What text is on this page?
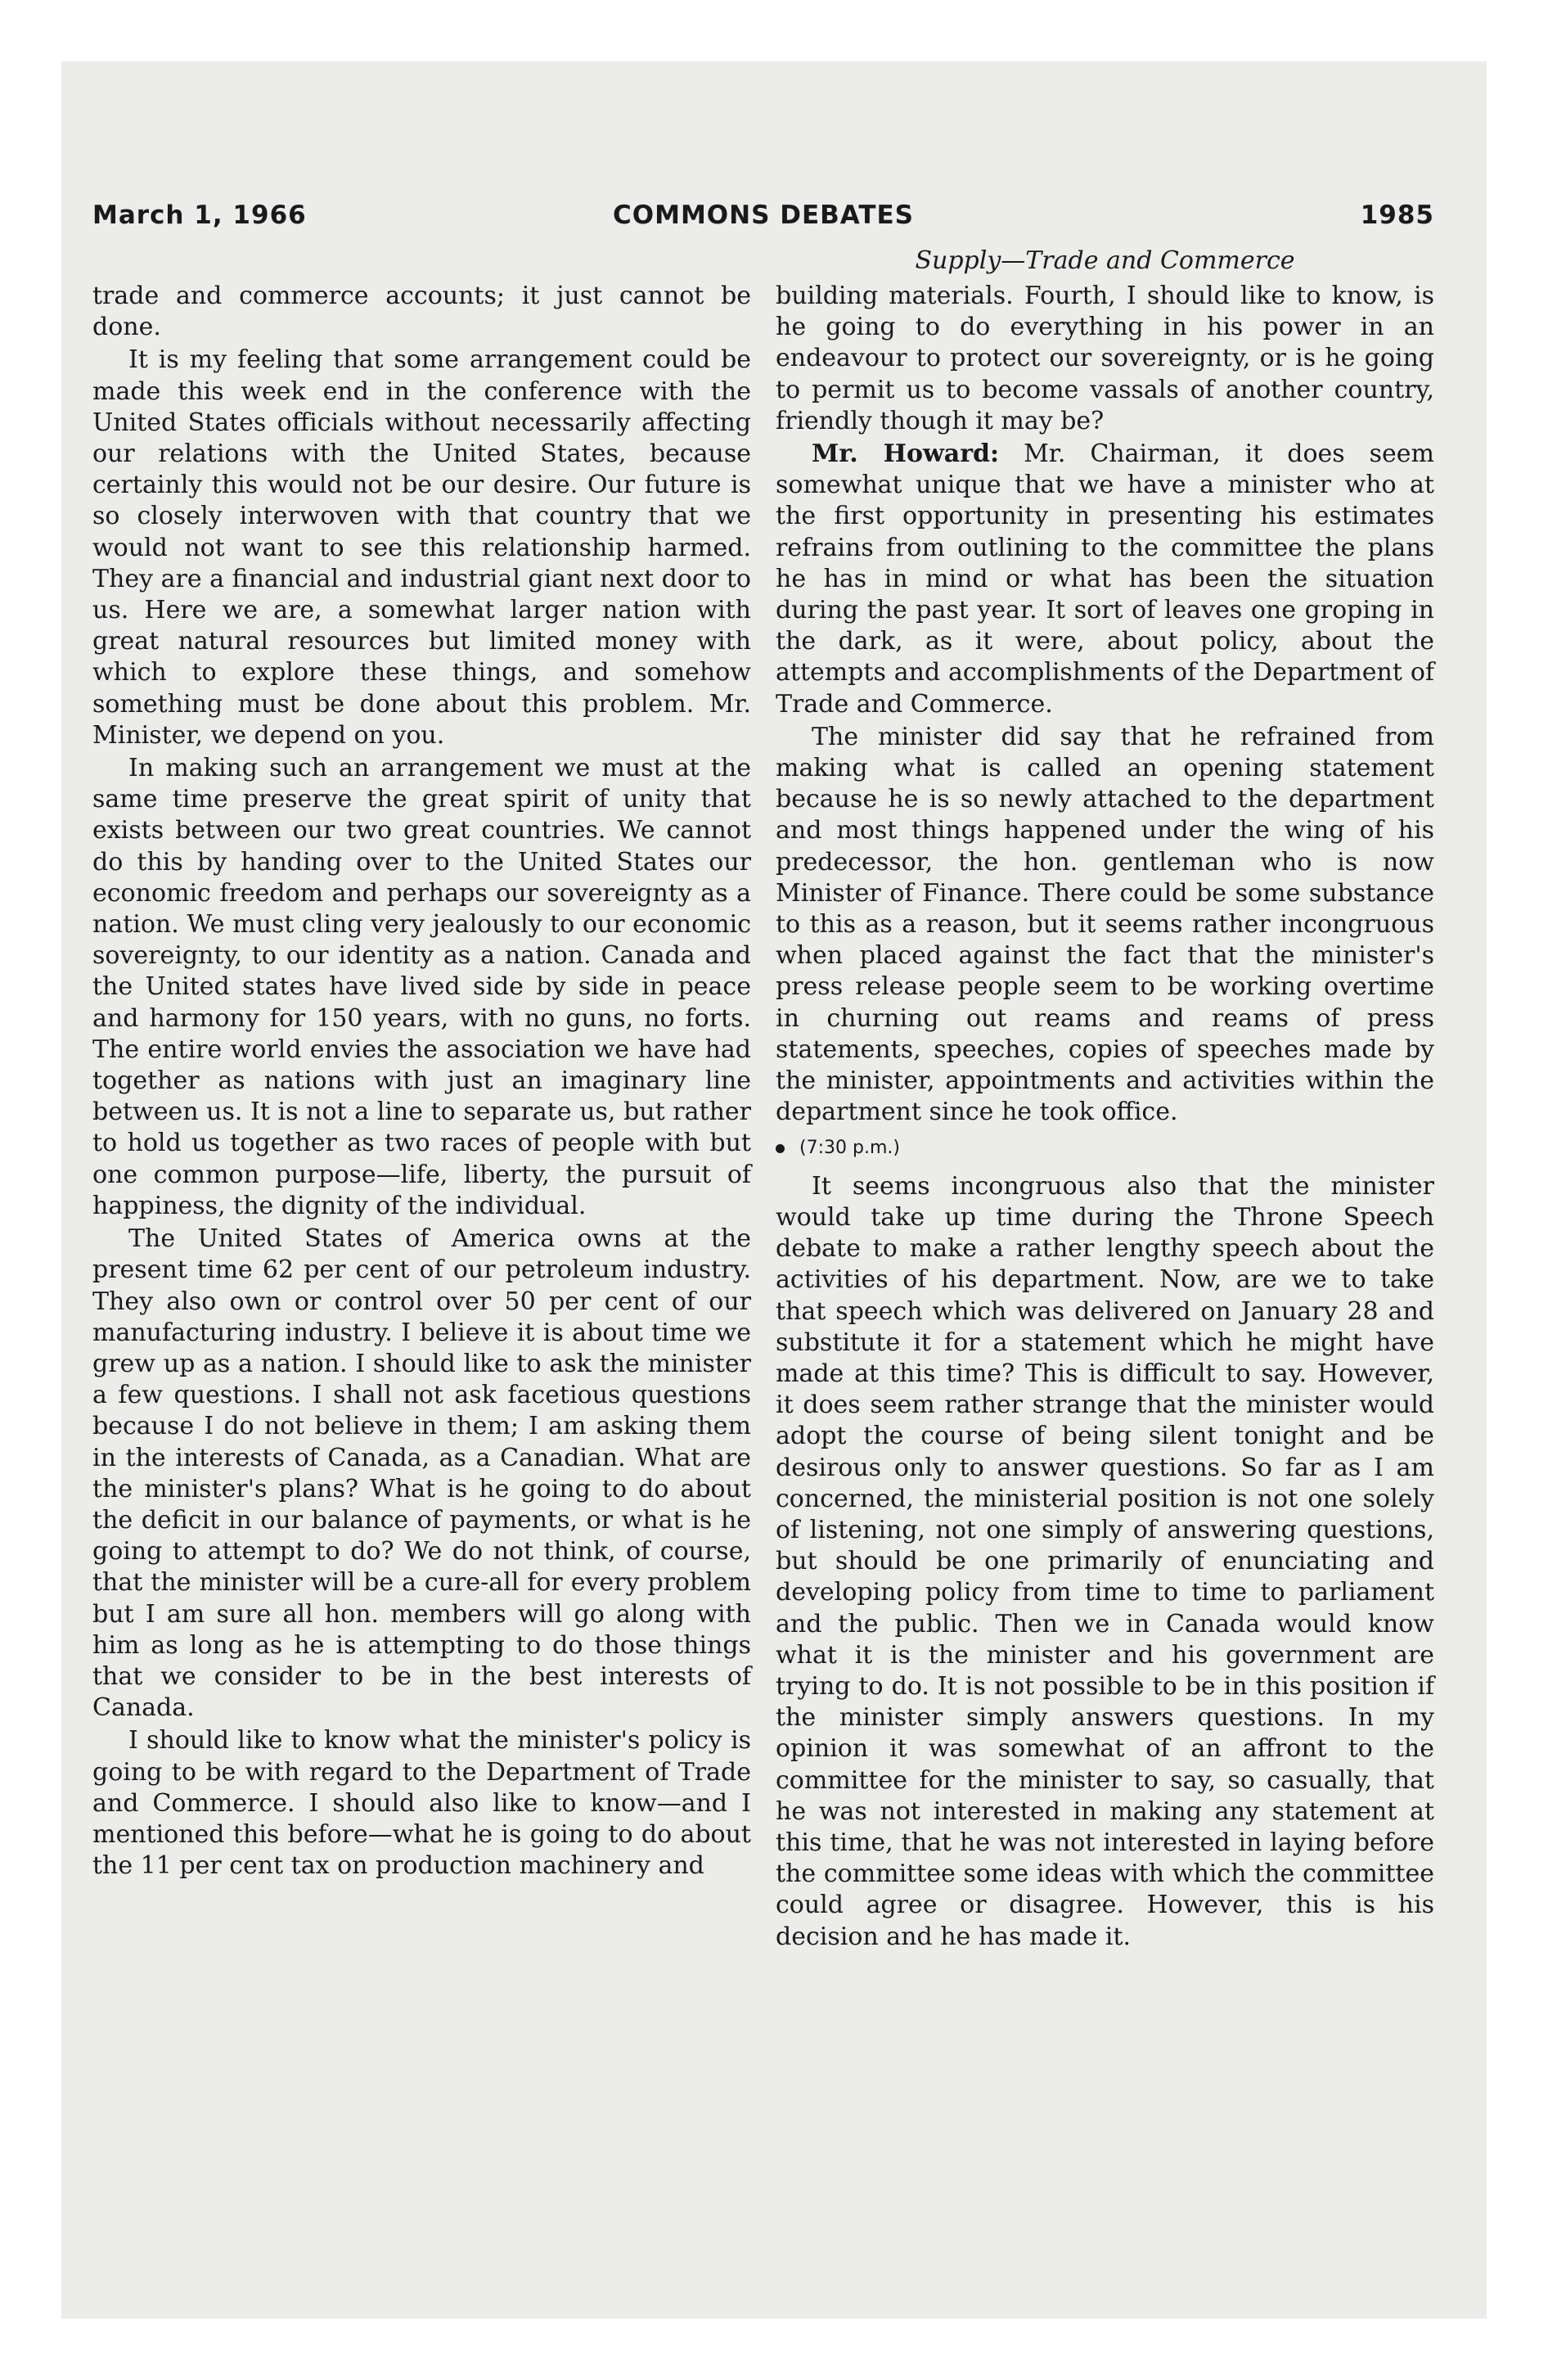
March 1, 1966	COMMONS DEBATES	1985
Supply—Trade and Commerce

trade and commerce accounts; it just cannot be done.

It is my feeling that some arrangement could be made this week end in the conference with the United States officials without necessarily affecting our relations with the United States, because certainly this would not be our desire. Our future is so closely interwoven with that country that we would not want to see this relationship harmed. They are a financial and industrial giant next door to us. Here we are, a somewhat larger nation with great natural resources but limited money with which to explore these things, and somehow something must be done about this problem. Mr. Minister, we depend on you.

In making such an arrangement we must at the same time preserve the great spirit of unity that exists between our two great countries. We cannot do this by handing over to the United States our economic freedom and perhaps our sovereignty as a nation. We must cling very jealously to our economic sovereignty, to our identity as a nation. Canada and the United states have lived side by side in peace and harmony for 150 years, with no guns, no forts. The entire world envies the association we have had together as nations with just an imaginary line between us. It is not a line to separate us, but rather to hold us together as two races of people with but one common purpose—life, liberty, the pursuit of happiness, the dignity of the individual.

The United States of America owns at the present time 62 per cent of our petroleum industry. They also own or control over 50 per cent of our manufacturing industry. I believe it is about time we grew up as a nation. I should like to ask the minister a few questions. I shall not ask facetious questions because I do not believe in them; I am asking them in the interests of Canada, as a Canadian. What are the minister's plans? What is he going to do about the deficit in our balance of payments, or what is he going to attempt to do? We do not think, of course, that the minister will be a cure-all for every problem but I am sure all hon. members will go along with him as long as he is attempting to do those things that we consider to be in the best interests of Canada.

I should like to know what the minister's policy is going to be with regard to the Department of Trade and Commerce. I should also like to know—and I mentioned this before—what he is going to do about the 11 per cent tax on production machinery and

building materials. Fourth, I should like to know, is he going to do everything in his power in an endeavour to protect our sovereignty, or is he going to permit us to become vassals of another country, friendly though it may be?

Mr. Howard: Mr. Chairman, it does seem somewhat unique that we have a minister who at the first opportunity in presenting his estimates refrains from outlining to the committee the plans he has in mind or what has been the situation during the past year. It sort of leaves one groping in the dark, as it were, about policy, about the attempts and accomplishments of the Department of Trade and Commerce.

The minister did say that he refrained from making what is called an opening statement because he is so newly attached to the department and most things happened under the wing of his predecessor, the hon. gentleman who is now Minister of Finance. There could be some substance to this as a reason, but it seems rather incongruous when placed against the fact that the minister's press release people seem to be working overtime in churning out reams and reams of press statements, speeches, copies of speeches made by the minister, appointments and activities within the department since he took office.

(7:30 p.m.)

It seems incongruous also that the minister would take up time during the Throne Speech debate to make a rather lengthy speech about the activities of his department. Now, are we to take that speech which was delivered on January 28 and substitute it for a statement which he might have made at this time? This is difficult to say. However, it does seem rather strange that the minister would adopt the course of being silent tonight and be desirous only to answer questions. So far as I am concerned, the ministerial position is not one solely of listening, not one simply of answering questions, but should be one primarily of enunciating and developing policy from time to time to parliament and the public. Then we in Canada would know what it is the minister and his government are trying to do. It is not possible to be in this position if the minister simply answers questions. In my opinion it was somewhat of an affront to the committee for the minister to say, so casually, that he was not interested in making any statement at this time, that he was not interested in laying before the committee some ideas with which the committee could agree or disagree. However, this is his decision and he has made it.
